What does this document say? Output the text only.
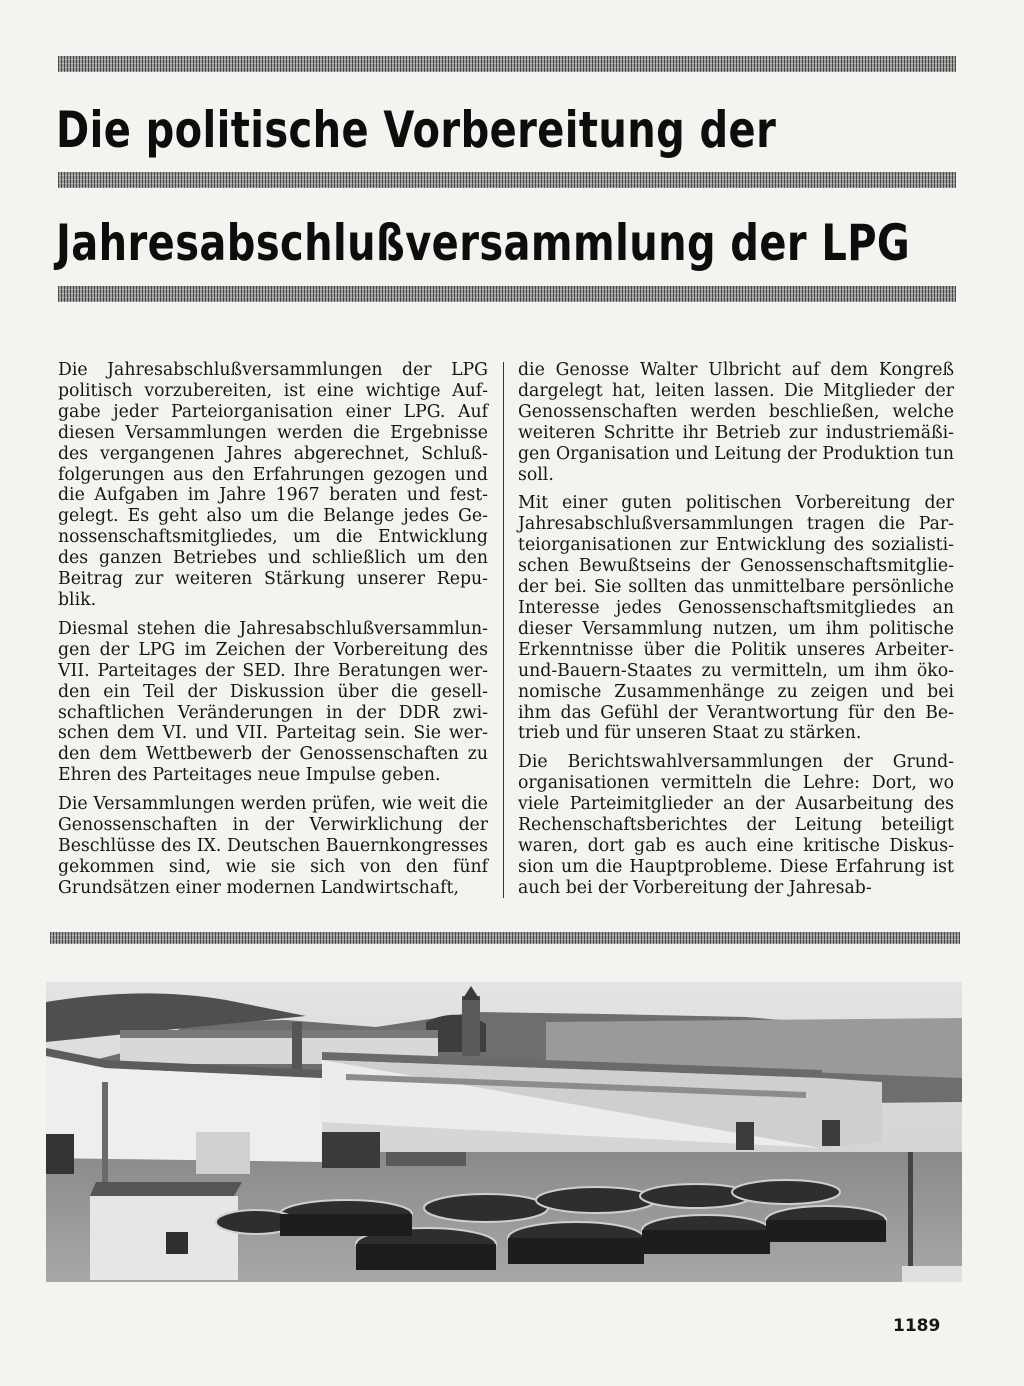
Die politische Vorbereitung der
Jahresabschlußversammlung der LPG

Die Jahresabschlußversammlungen der LPG politisch vorzubereiten, ist eine wichtige Aufgabe jeder Parteiorganisation einer LPG. Auf diesen Versammlungen werden die Ergebnisse des vergangenen Jahres abgerechnet, Schlußfolgerungen aus den Erfahrungen gezogen und die Aufgaben im Jahre 1967 beraten und festgelegt. Es geht also um die Belange jedes Genossenschaftsmitgliedes, um die Entwicklung des ganzen Betriebes und schließlich um den Beitrag zur weiteren Stärkung unserer Republik.

Diesmal stehen die Jahresabschlußversammlungen der LPG im Zeichen der Vorbereitung des VII. Parteitages der SED. Ihre Beratungen werden ein Teil der Diskussion über die gesellschaftlichen Veränderungen in der DDR zwischen dem VI. und VII. Parteitag sein. Sie werden dem Wettbewerb der Genossenschaften zu Ehren des Parteitages neue Impulse geben.

Die Versammlungen werden prüfen, wie weit die Genossenschaften in der Verwirklichung der Beschlüsse des IX. Deutschen Bauernkongresses gekommen sind, wie sie sich von den fünf Grundsätzen einer modernen Landwirtschaft,

die Genosse Walter Ulbricht auf dem Kongreß dargelegt hat, leiten lassen. Die Mitglieder der Genossenschaften werden beschließen, welche weiteren Schritte ihr Betrieb zur industriemäßigen Organisation und Leitung der Produktion tun soll.

Mit einer guten politischen Vorbereitung der Jahresabschlußversammlungen tragen die Parteiorganisationen zur Entwicklung des sozialistischen Bewußtseins der Genossenschaftsmitglieder bei. Sie sollten das unmittelbare persönliche Interesse jedes Genossenschaftsmitgliedes an dieser Versammlung nutzen, um ihm politische Erkenntnisse über die Politik unseres Arbeiter-und-Bauern-Staates zu vermitteln, um ihm ökonomische Zusammenhänge zu zeigen und bei ihm das Gefühl der Verantwortung für den Betrieb und für unseren Staat zu stärken.

Die Berichtswahlversammlungen der Grundorganisationen vermitteln die Lehre: Dort, wo viele Parteimitglieder an der Ausarbeitung des Rechenschaftsberichtes der Leitung beteiligt waren, dort gab es auch eine kritische Diskussion um die Hauptprobleme. Diese Erfahrung ist auch bei der Vorbereitung der Jahresab-

1189
